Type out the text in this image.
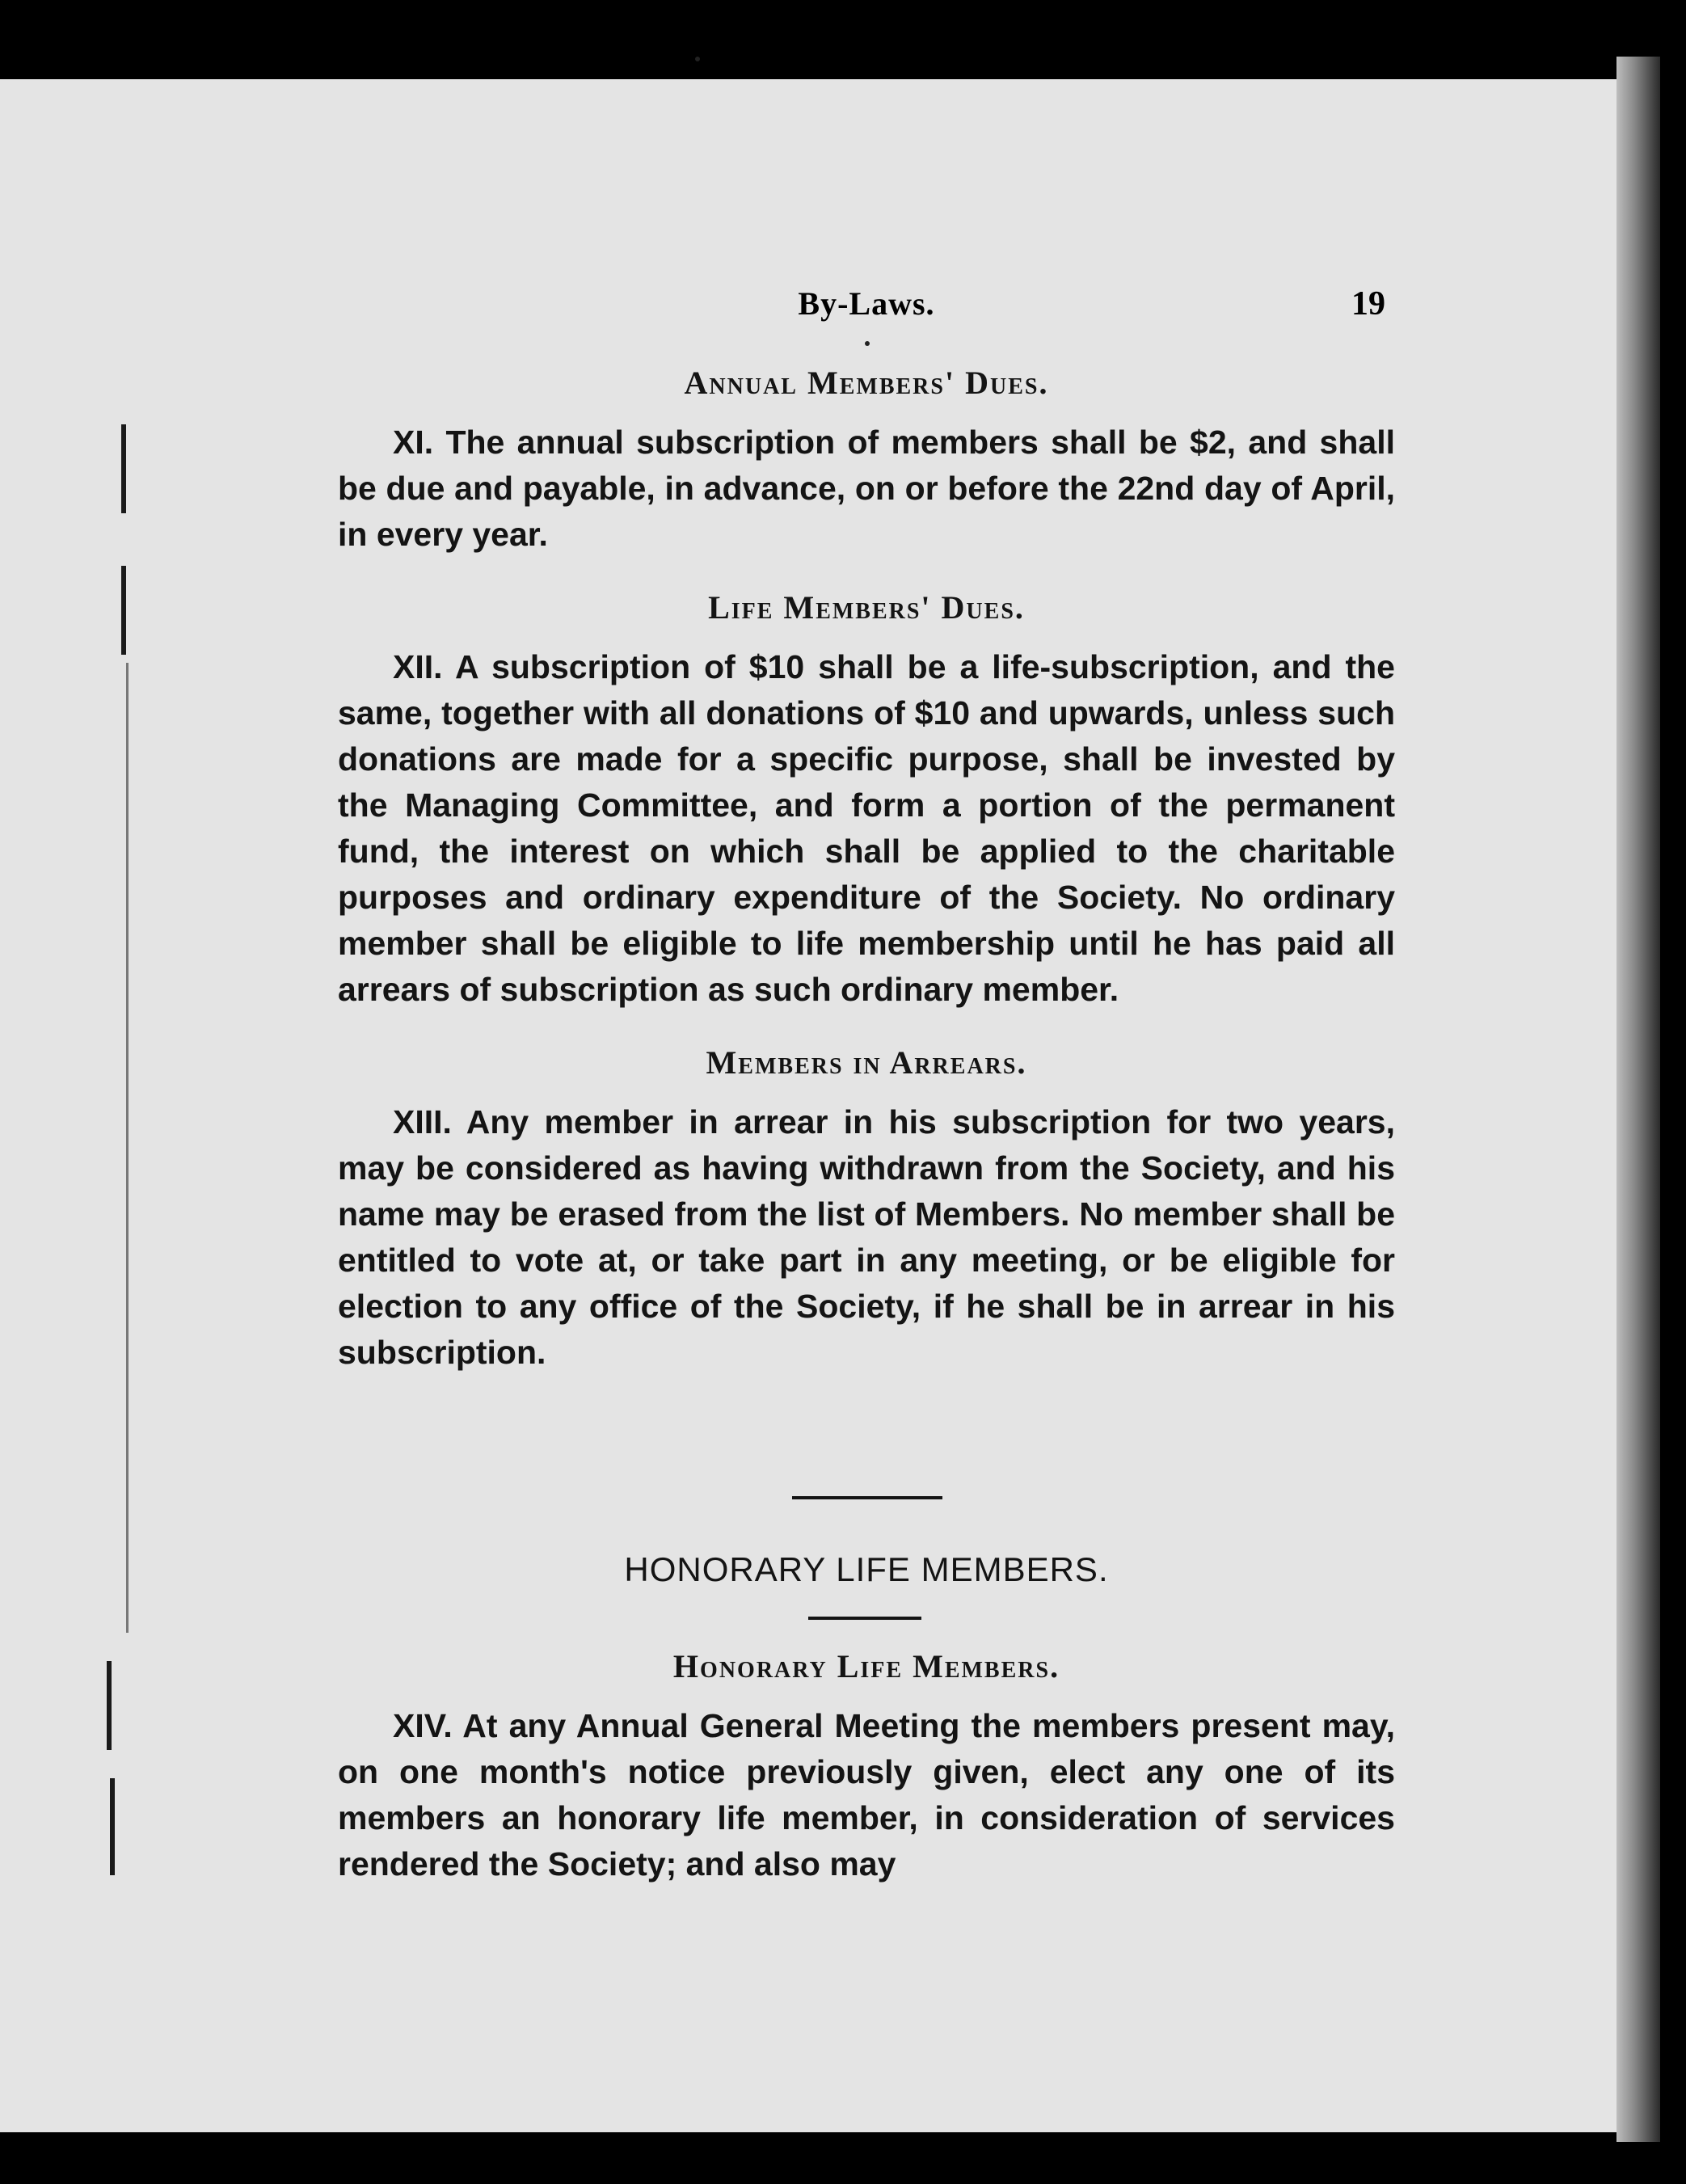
By-Laws.	19

Annual Members' Dues.

XI. The annual subscription of members shall be $2, and shall be due and payable, in advance, on or before the 22nd day of April, in every year.

Life Members' Dues.

XII. A subscription of $10 shall be a life-subscription, and the same, together with all donations of $10 and upwards, unless such donations are made for a specific purpose, shall be invested by the Managing Committee, and form a portion of the permanent fund, the interest on which shall be applied to the charitable purposes and ordinary expenditure of the Society. No ordinary member shall be eligible to life membership until he has paid all arrears of subscription as such ordinary member.

Members in Arrears.

XIII. Any member in arrear in his subscription for two years, may be considered as having withdrawn from the Society, and his name may be erased from the list of Members. No member shall be entitled to vote at, or take part in any meeting, or be eligible for election to any office of the Society, if he shall be in arrear in his subscription.

HONORARY LIFE MEMBERS.

Honorary Life Members.

XIV. At any Annual General Meeting the members present may, on one month's notice previously given, elect any one of its members an honorary life member, in consideration of services rendered the Society; and also may
